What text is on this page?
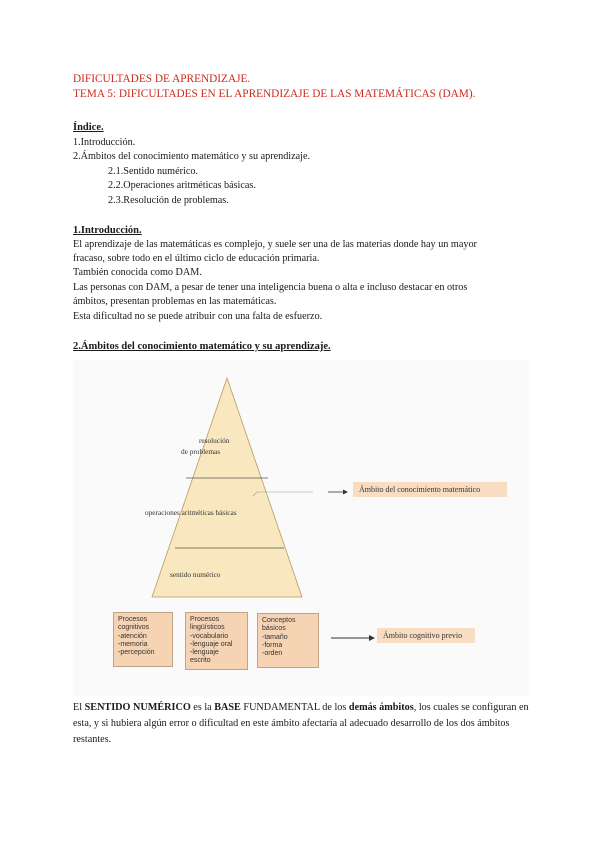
DIFICULTADES DE APRENDIZAJE.
TEMA 5: DIFICULTADES EN EL APRENDIZAJE DE LAS MATEMÁTICAS (DAM).
Índice.
1.Introducción.
2.Ámbitos del conocimiento matemático y su aprendizaje.
2.1.Sentido numérico.
2.2.Operaciones aritméticas básicas.
2.3.Resolución de problemas.
1.Introducción.
El aprendizaje de las matemáticas es complejo, y suele ser una de las materias donde hay un mayor
fracaso, sobre todo en el último ciclo de educación primaria.
También conocida como DAM.
Las personas con DAM, a pesar de tener una inteligencia buena o alta e incluso destacar en otros
ámbitos, presentan problemas en las matemáticas.
Esta dificultad no se puede atribuir con una falta de esfuerzo.
2.Ámbitos del conocimiento matemático y su aprendizaje.
resolución
de problemas
operaciones aritméticas básicas
sentido numérico
Ámbito del conocimiento matemático
Ámbito cognitivo previo
Procesos
cognitivos
-atención
-memoria
-percepción
Procesos
lingüísticos
-vocabulario
-lenguaje oral
-lenguaje
escrito
Conceptos
básicos
-tamaño
-forma
-orden
El SENTIDO NUMÉRICO es la BASE FUNDAMENTAL de los demás ámbitos, los cuales se configuran en esta, y si hubiera algún error o dificultad en este ámbito afectaría al adecuado desarrollo de los dos ámbitos restantes.
